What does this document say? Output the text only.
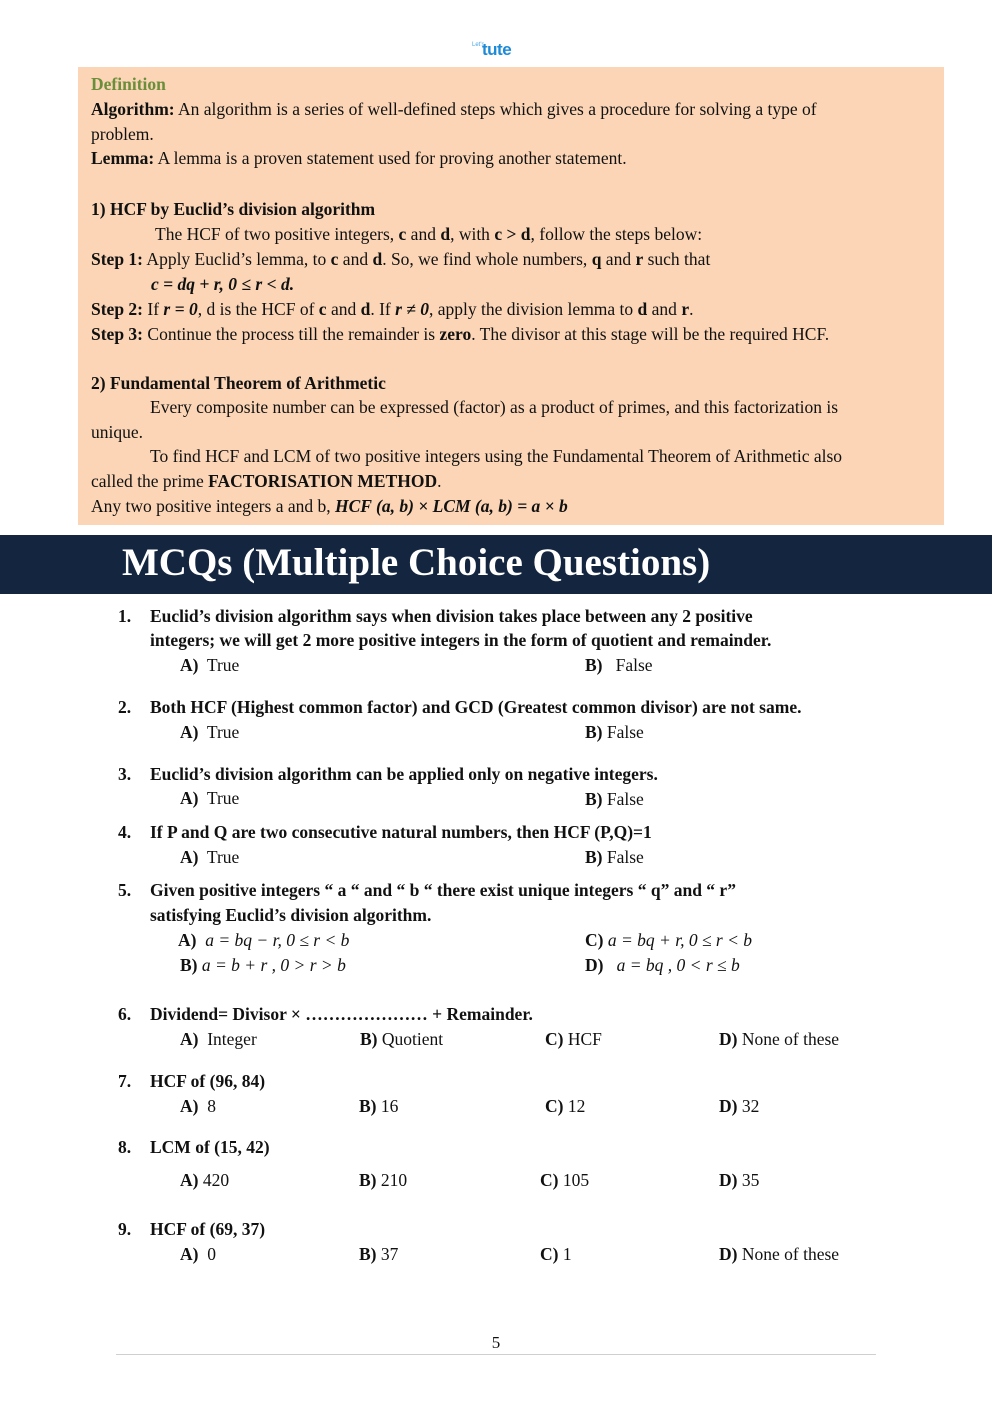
Let's
tute
Definition
Algorithm: An algorithm is a series of well-defined steps which gives a procedure for solving a type of
problem.
Lemma: A lemma is a proven statement used for proving another statement.
1) HCF by Euclid’s division algorithm
The HCF of two positive integers, c and d, with c > d, follow the steps below:
Step 1: Apply Euclid’s lemma, to c and d. So, we find whole numbers, q and r such that
c = dq + r, 0 ≤ r < d.
Step 2: If r = 0, d is the HCF of c and d. If r ≠ 0, apply the division lemma to d and r.
Step 3: Continue the process till the remainder is zero. The divisor at this stage will be the required HCF.
2) Fundamental Theorem of Arithmetic
Every composite number can be expressed (factor) as a product of primes, and this factorization is
unique.
To find HCF and LCM of two positive integers using the Fundamental Theorem of Arithmetic also
called the prime FACTORISATION METHOD.
Any two positive integers a and b, HCF (a, b) × LCM (a, b) = a × b
MCQs (Multiple Choice Questions)
1. Euclid’s division algorithm says when division takes place between any 2 positive
integers; we will get 2 more positive integers in the form of quotient and remainder.
A) True	B) False
2. Both HCF (Highest common factor) and GCD (Greatest common divisor) are not same.
A) True	B) False
3. Euclid’s division algorithm can be applied only on negative integers.
A) True	B) False
4. If P and Q are two consecutive natural numbers, then HCF (P,Q)=1
A) True	B) False
5. Given positive integers “ a “ and “ b “ there exist unique integers “ q” and “ r”
satisfying Euclid’s division algorithm.
A) a = bq − r, 0 ≤ r < b	C) a = bq + r, 0 ≤ r < b
B) a = b + r , 0 > r > b	D) a = bq , 0 < r ≤ b
6. Dividend= Divisor × ………………… + Remainder.
A) Integer	B) Quotient	C) HCF	D) None of these
7. HCF of (96, 84)
A) 8	B) 16	C) 12	D) 32
8. LCM of (15, 42)
A) 420	B) 210	C) 105	D) 35
9. HCF of (69, 37)
A) 0	B) 37	C) 1	D) None of these
5
